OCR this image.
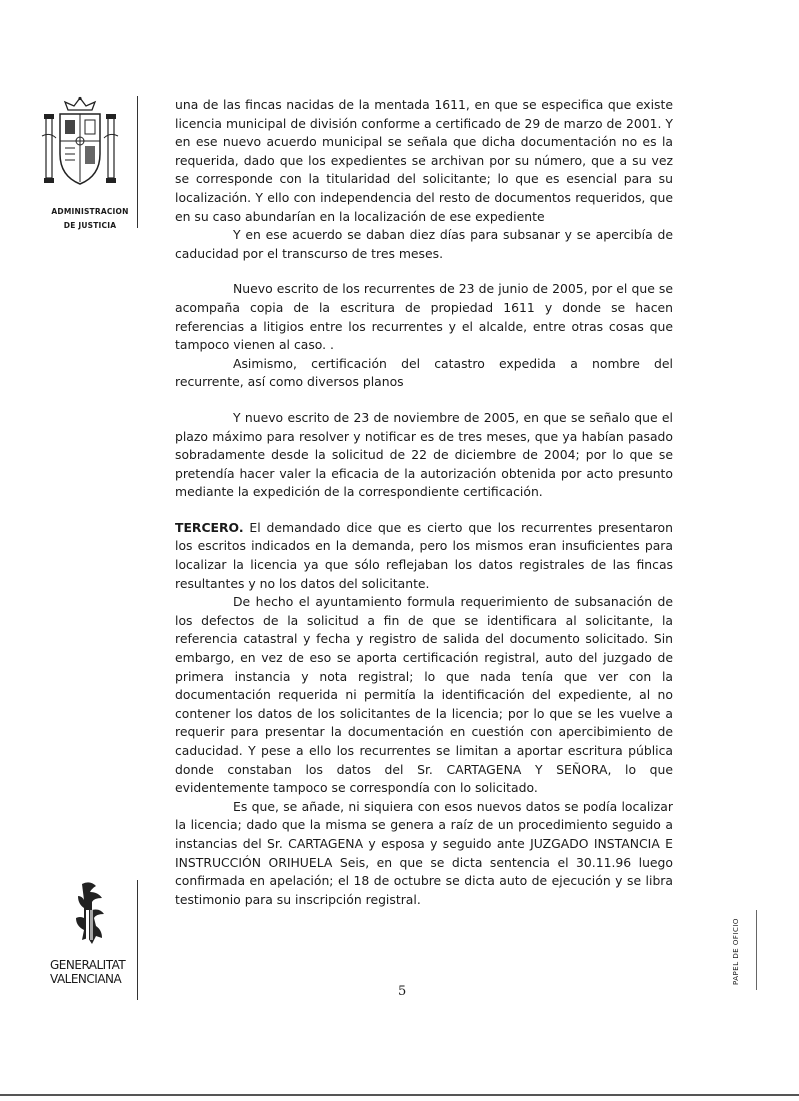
ADMINISTRACION
DE JUSTICIA

una de las fincas nacidas de la mentada 1611, en que se especifica que existe licencia municipal de división conforme a certificado de 29 de marzo de 2001. Y en ese nuevo acuerdo municipal se señala que dicha documentación no es la requerida, dado que los expedientes se archivan por su número, que a su vez se corresponde con la titularidad del solicitante; lo que es esencial para su localización. Y ello con independencia del resto de documentos requeridos, que en su caso abundarían en la localización de ese expediente

Y en ese acuerdo se daban diez días para subsanar y se apercibía de caducidad por el transcurso de tres meses.

Nuevo escrito de los recurrentes de 23 de junio de 2005, por el que se acompaña copia de la escritura de propiedad 1611 y donde se hacen referencias a litigios entre los recurrentes y el alcalde, entre otras cosas que tampoco vienen al caso. .

Asimismo, certificación del catastro expedida a nombre del recurrente, así como diversos planos

Y nuevo escrito de 23 de noviembre de 2005, en que se señalo que el plazo máximo para resolver y notificar es de tres meses, que ya habían pasado sobradamente desde la solicitud de 22 de diciembre de 2004; por lo que se pretendía hacer valer la eficacia de la autorización obtenida por acto presunto mediante la expedición de la correspondiente certificación.

TERCERO. El demandado dice que es cierto que los recurrentes presentaron los escritos indicados en la demanda, pero los mismos eran insuficientes para localizar la licencia ya que sólo reflejaban los datos registrales de las fincas resultantes y no los datos del solicitante.

De hecho el ayuntamiento formula requerimiento de subsanación de los defectos de la solicitud a fin de que se identificara al solicitante, la referencia catastral y fecha y registro de salida del documento solicitado. Sin embargo, en vez de eso se aporta certificación registral, auto del juzgado de primera instancia y nota registral; lo que nada tenía que ver con la documentación requerida ni permitía la identificación del expediente, al no contener los datos de los solicitantes de la licencia; por lo que se les vuelve a requerir para presentar la documentación en cuestión con apercibimiento de caducidad. Y pese a ello los recurrentes se limitan a aportar escritura pública donde constaban los datos del Sr. CARTAGENA Y SEÑORA, lo que evidentemente tampoco se correspondía con lo solicitado.

Es que, se añade, ni siquiera con esos nuevos datos se podía localizar la licencia; dado que la misma se genera a raíz de un procedimiento seguido a instancias del Sr. CARTAGENA y esposa y seguido ante JUZGADO INSTANCIA E INSTRUCCIÓN ORIHUELA Seis, en que se dicta sentencia el 30.11.96 luego confirmada en apelación; el 18 de octubre se dicta auto de ejecución y se libra testimonio para su inscripción registral.

GENERALITAT
VALENCIANA
5
PAPEL DE OFICIO
